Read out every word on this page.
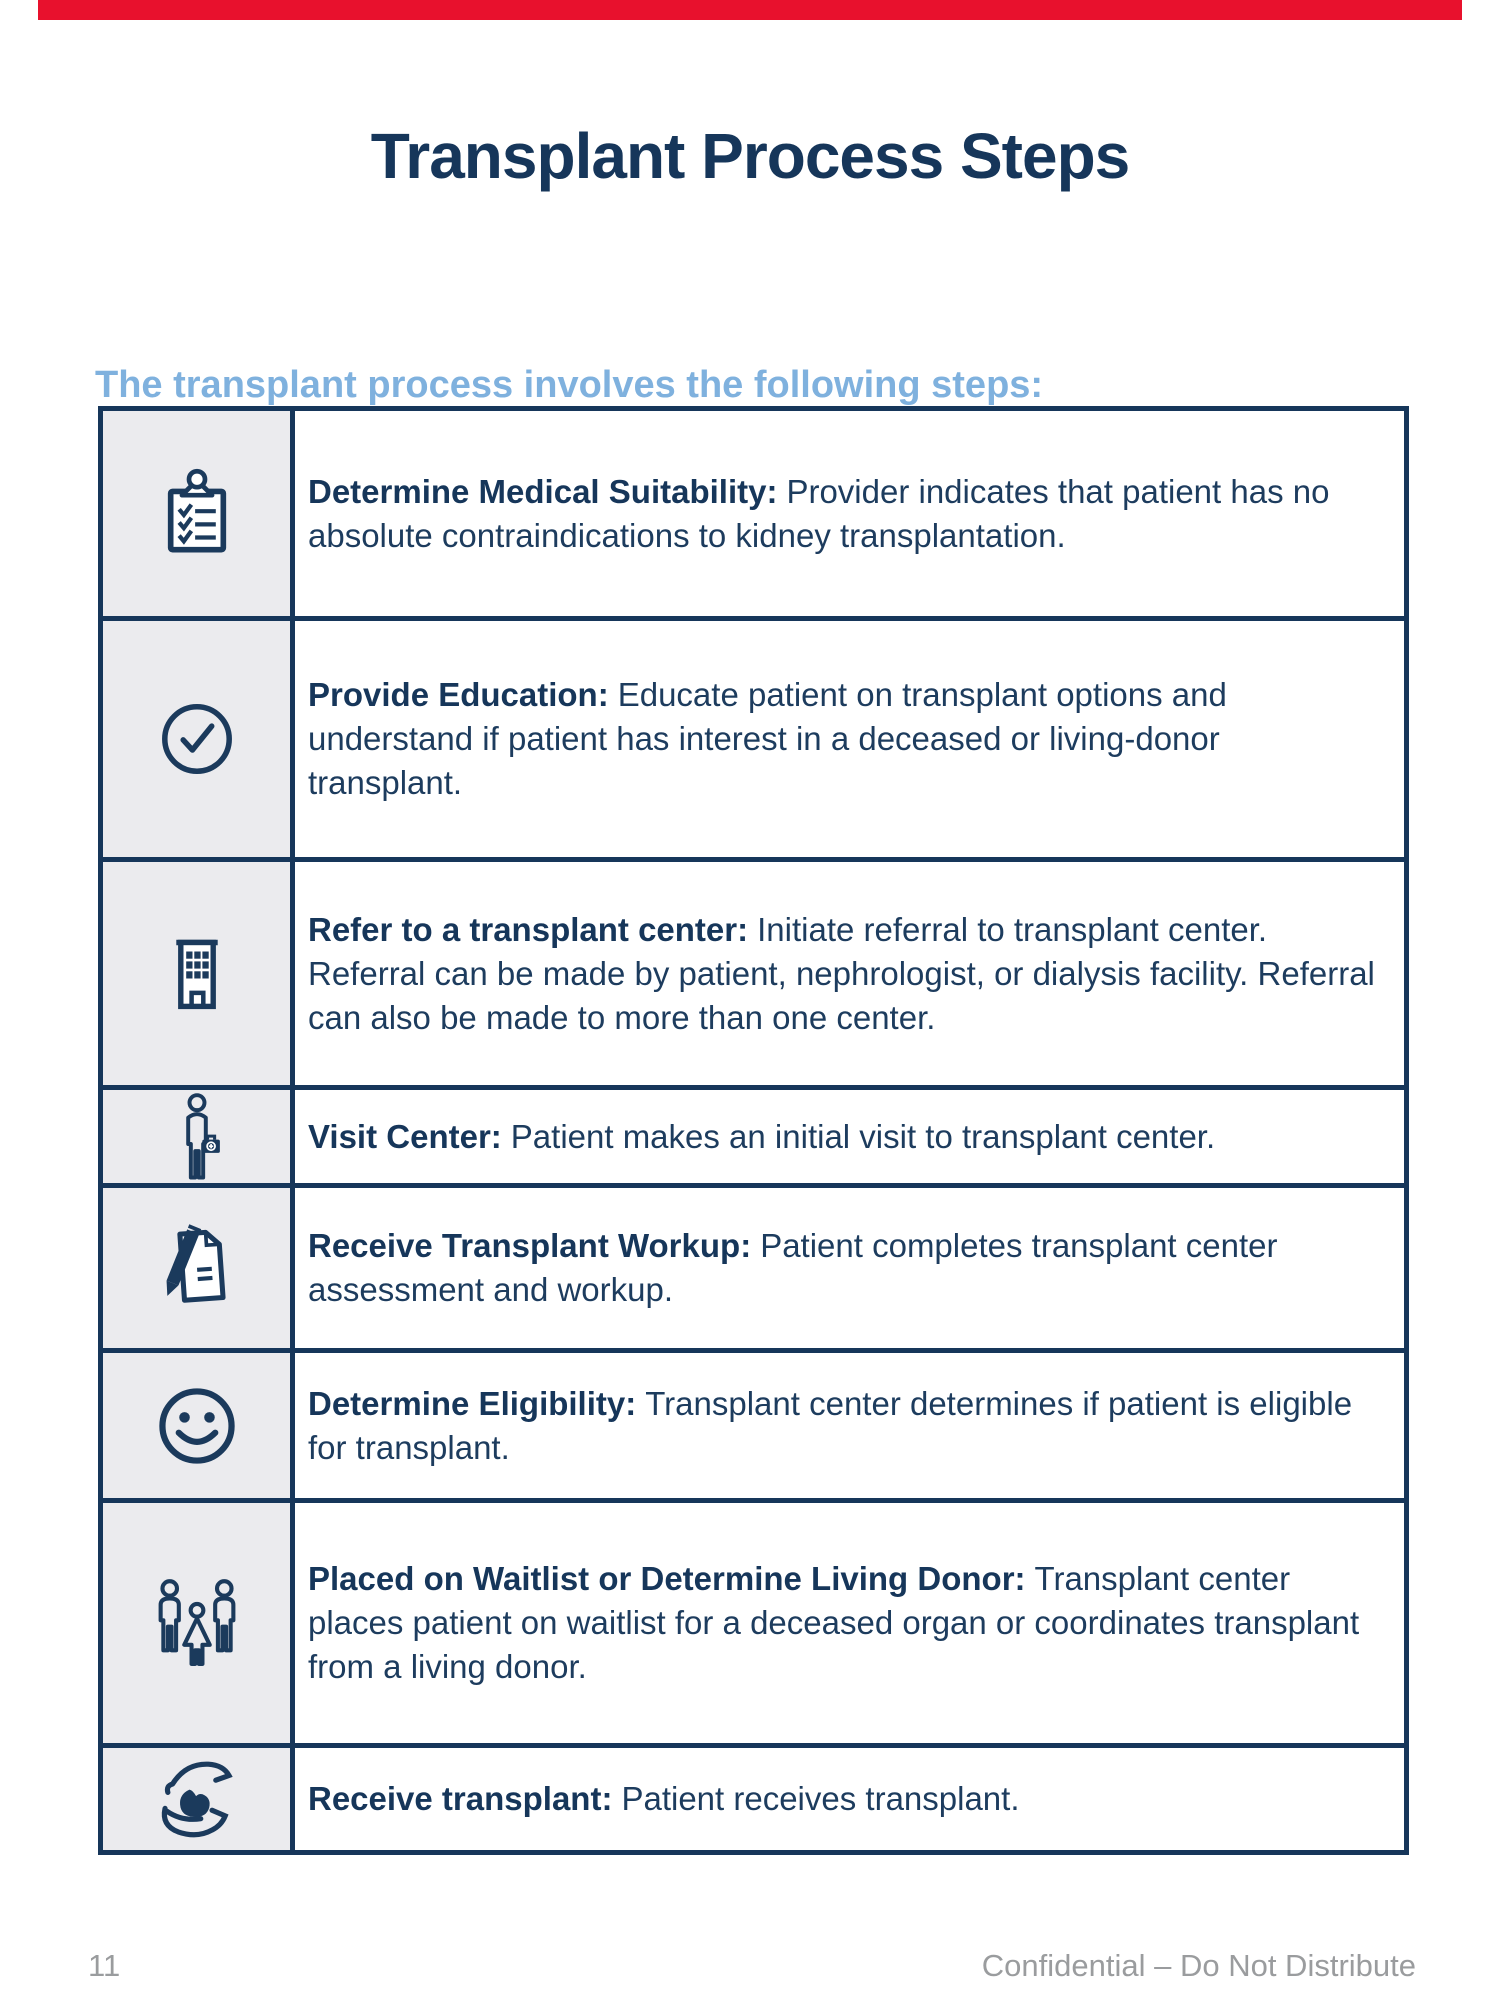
Transplant Process Steps
The transplant process involves the following steps:

Determine Medical Suitability: Provider indicates that patient has no absolute contraindications to kidney transplantation.

Provide Education: Educate patient on transplant options and understand if patient has interest in a deceased or living-donor transplant.

Refer to a transplant center: Initiate referral to transplant center. Referral can be made by patient, nephrologist, or dialysis facility. Referral can also be made to more than one center.

Visit Center: Patient makes an initial visit to transplant center.

Receive Transplant Workup: Patient completes transplant center assessment and workup.

Determine Eligibility: Transplant center determines if patient is eligible for transplant.

Placed on Waitlist or Determine Living Donor: Transplant center places patient on waitlist for a deceased organ or coordinates transplant from a living donor.

Receive transplant: Patient receives transplant.

11	Confidential – Do Not Distribute
